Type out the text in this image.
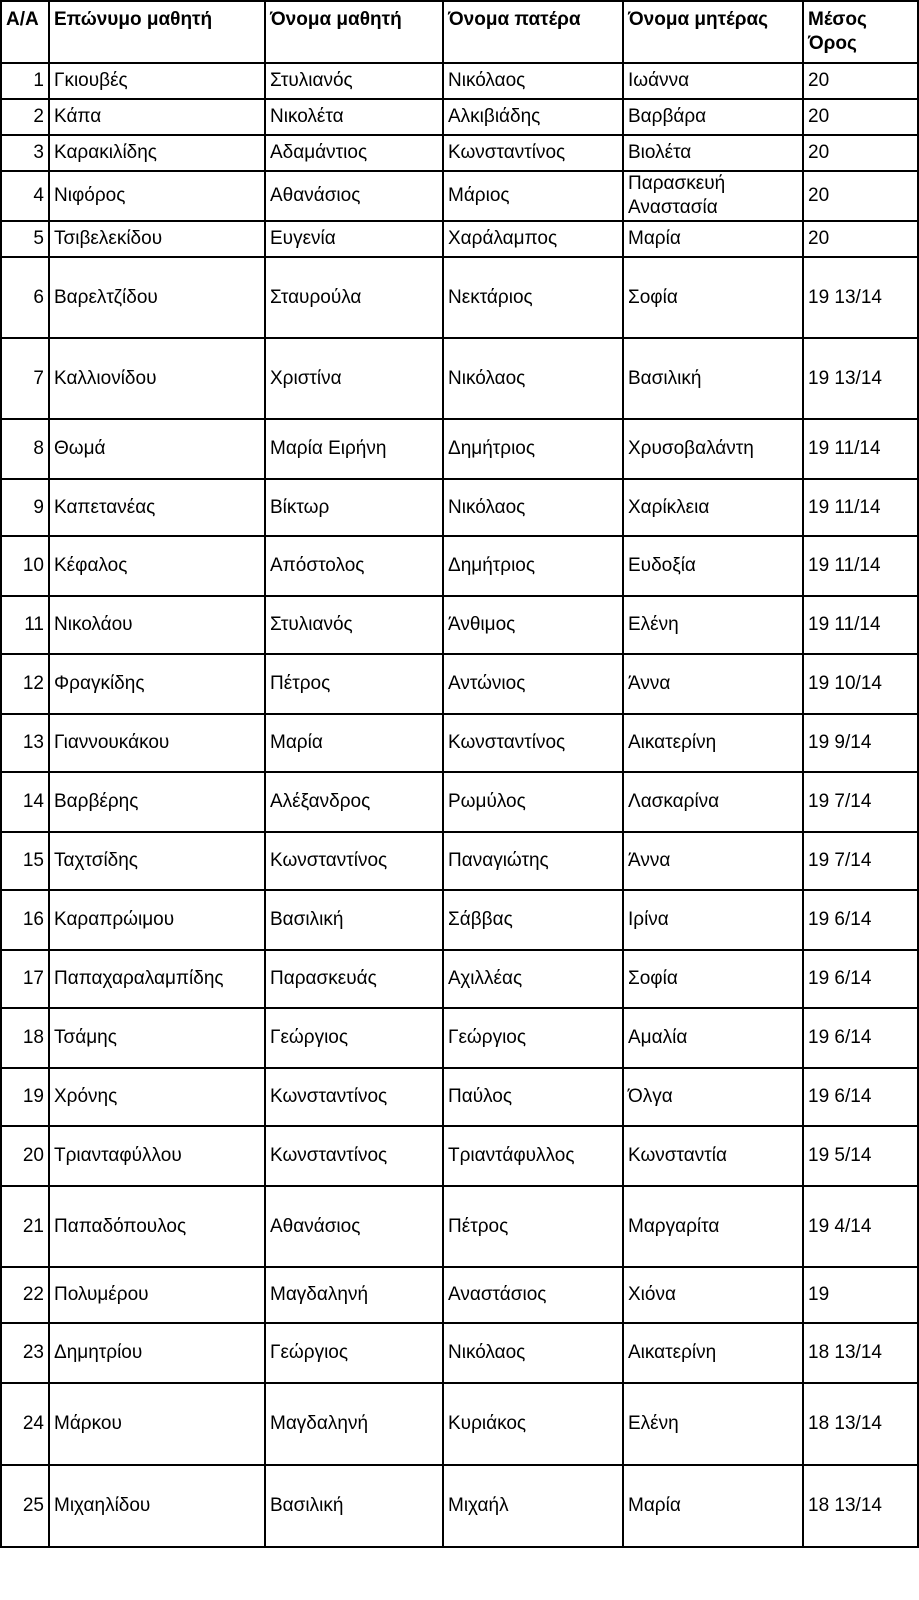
Α/Α	Επώνυμο μαθητή	Όνομα μαθητή	Όνομα πατέρα	Όνομα μητέρας	Μέσος Όρος
1	Γκιουβές	Στυλιανός	Νικόλαος	Ιωάννα	20
2	Κάπα	Νικολέτα	Αλκιβιάδης	Βαρβάρα	20
3	Καρακιλίδης	Αδαμάντιος	Κωνσταντίνος	Βιολέτα	20
4	Νιφόρος	Αθανάσιος	Μάριος	Παρασκευή Αναστασία	20
5	Τσιβελεκίδου	Ευγενία	Χαράλαμπος	Μαρία	20
6	Βαρελτζίδου	Σταυρούλα	Νεκτάριος	Σοφία	19 13/14
7	Καλλιονίδου	Χριστίνα	Νικόλαος	Βασιλική	19 13/14
8	Θωμά	Μαρία Ειρήνη	Δημήτριος	Χρυσοβαλάντη	19 11/14
9	Καπετανέας	Βίκτωρ	Νικόλαος	Χαρίκλεια	19 11/14
10	Κέφαλος	Απόστολος	Δημήτριος	Ευδοξία	19 11/14
11	Νικολάου	Στυλιανός	Άνθιμος	Ελένη	19 11/14
12	Φραγκίδης	Πέτρος	Αντώνιος	Άννα	19 10/14
13	Γιαννουκάκου	Μαρία	Κωνσταντίνος	Αικατερίνη	19 9/14
14	Βαρβέρης	Αλέξανδρος	Ρωμύλος	Λασκαρίνα	19 7/14
15	Ταχτσίδης	Κωνσταντίνος	Παναγιώτης	Άννα	19 7/14
16	Καραπρώιμου	Βασιλική	Σάββας	Ιρίνα	19 6/14
17	Παπαχαραλαμπίδης	Παρασκευάς	Αχιλλέας	Σοφία	19 6/14
18	Τσάμης	Γεώργιος	Γεώργιος	Αμαλία	19 6/14
19	Χρόνης	Κωνσταντίνος	Παύλος	Όλγα	19 6/14
20	Τριανταφύλλου	Κωνσταντίνος	Τριαντάφυλλος	Κωνσταντία	19 5/14
21	Παπαδόπουλος	Αθανάσιος	Πέτρος	Μαργαρίτα	19 4/14
22	Πολυμέρου	Μαγδαληνή	Αναστάσιος	Χιόνα	19
23	Δημητρίου	Γεώργιος	Νικόλαος	Αικατερίνη	18 13/14
24	Μάρκου	Μαγδαληνή	Κυριάκος	Ελένη	18 13/14
25	Μιχαηλίδου	Βασιλική	Μιχαήλ	Μαρία	18 13/14
